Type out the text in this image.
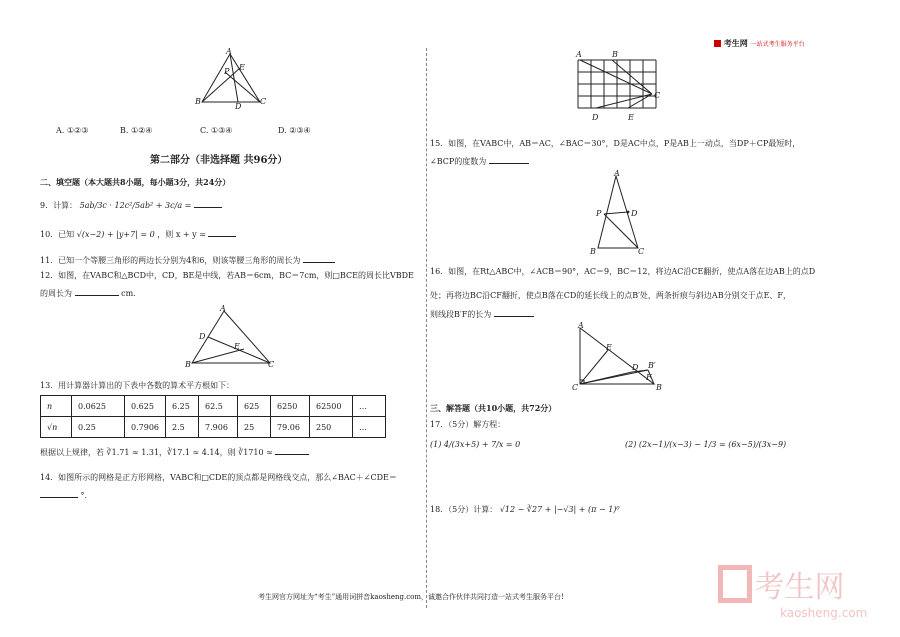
考生网 一站式考生服务平台
A
P E
B
D
C
A. ①②③	B. ①②④	C. ①③④	D. ②③④
第二部分（非选择题 共96分）
二、填空题（本大题共8小题，每小题3分，共24分）
9．计算： 5ab/3c · 12c²/5ab² + 3c/a =
10．已知 √(x−2) + |y+7| = 0 ，则 x + y =
11．已知一个等腰三角形的两边长分别为4和6，则该等腰三角形的周长为
12．如图，在VABC和△BCD中，CD，BE是中线，若AB＝6cm，BC＝7cm，则□BCE的周长比VBDE
的周长为	cm．
A
D
E
B	C
13．用计算器计算出的下表中各数的算术平方根如下：
n	0.0625	0.625	6.25	62.5	625	6250	62500	…
√n	0.25	0.7906	2.5	7.906	25	79.06	250	…
根据以上规律，若 ∛1.71 ≈ 1.31，∛17.1 ≈ 4.14，则 ∛1710 ≈
14．如图所示的网格是正方形网格，VABC和□CDE的顶点都是网格线交点，那么∠BAC＋∠CDE＝
°．
A	B
C
D	E
15．如图，在VABC中，AB＝AC，∠BAC＝30°，D是AC中点，P是AB上一动点，当DP＋CP最短时，
∠BCP的度数为
A
P	D
B	C
16．如图，在Rt△ABC中，∠ACB＝90°，AC＝9，BC＝12，将边AC沿CE翻折，使点A落在边AB上的点D
处；再将边BC沿CF翻折，使点B落在CD的延长线上的点B′处，两条折痕与斜边AB分别交于点E、F，
则线段B′F的长为
A
E
D B′
F
C	B
三、解答题（共10小题，共72分）
17．（5分）解方程：
(1) 4/(3x+5) + 7/x = 0	(2) (2x−1)/(x−3) − 1/3 = (6x−5)/(3x−9)
18．（5分）计算： √12 − ∛27 + |−√3| + (π − 1)⁰
考生网官方网址为“考生”通用词拼音kaosheng.com，诚邀合作伙伴共同打造一站式考生服务平台!	考生网
kaosheng.com
